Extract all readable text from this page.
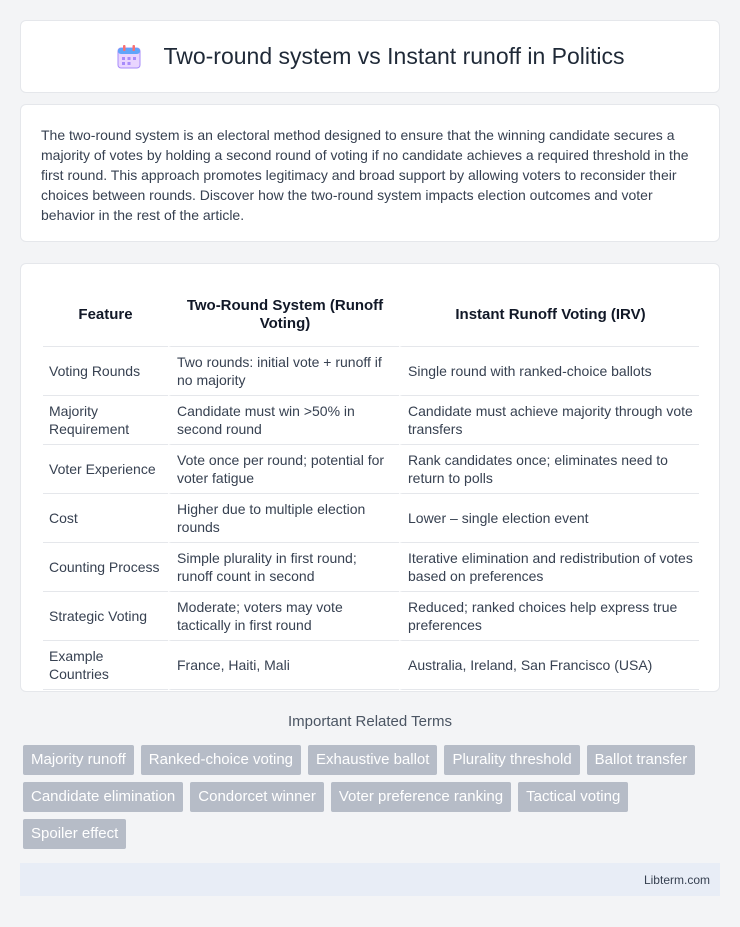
Two-round system vs Instant runoff in Politics

The two-round system is an electoral method designed to ensure that the winning candidate secures a majority of votes by holding a second round of voting if no candidate achieves a required threshold in the first round. This approach promotes legitimacy and broad support by allowing voters to reconsider their choices between rounds. Discover how the two-round system impacts election outcomes and voter behavior in the rest of the article.

Feature	Two-Round System (Runoff Voting)	Instant Runoff Voting (IRV)
Voting Rounds	Two rounds: initial vote + runoff if no majority	Single round with ranked-choice ballots
Majority Requirement	Candidate must win >50% in second round	Candidate must achieve majority through vote transfers
Voter Experience	Vote once per round; potential for voter fatigue	Rank candidates once; eliminates need to return to polls
Cost	Higher due to multiple election rounds	Lower – single election event
Counting Process	Simple plurality in first round; runoff count in second	Iterative elimination and redistribution of votes based on preferences
Strategic Voting	Moderate; voters may vote tactically in first round	Reduced; ranked choices help express true preferences
Example Countries	France, Haiti, Mali	Australia, Ireland, San Francisco (USA)
Important Related Terms
Majority runoff	Ranked-choice voting	Exhaustive ballot	Plurality threshold	Ballot transfer
Candidate elimination	Condorcet winner	Voter preference ranking	Tactical voting
Spoiler effect
Libterm.com
